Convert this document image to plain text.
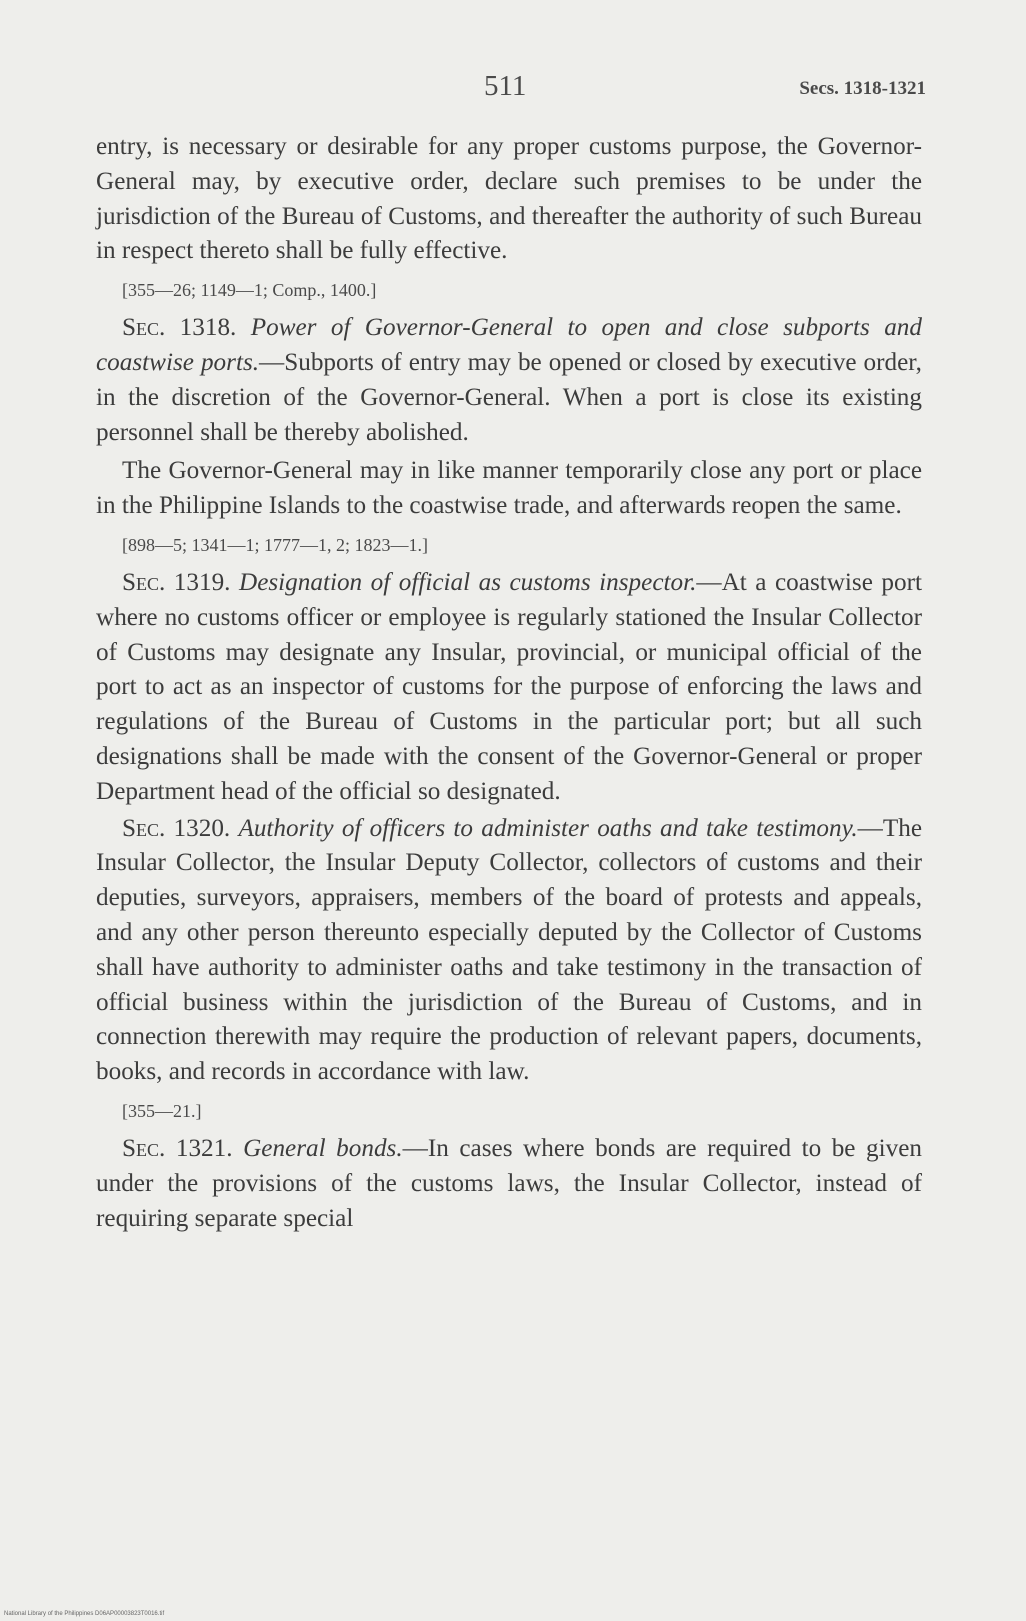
511	Secs. 1318-1321

entry, is necessary or desirable for any proper customs purpose, the Governor-General may, by executive order, declare such premises to be under the jurisdiction of the Bureau of Customs, and thereafter the authority of such Bureau in respect thereto shall be fully effective.

[355—26; 1149—1; Comp., 1400.]

Sec. 1318. Power of Governor-General to open and close subports and coastwise ports.—Subports of entry may be opened or closed by executive order, in the discretion of the Governor-General. When a port is close its existing personnel shall be thereby abolished.

The Governor-General may in like manner temporarily close any port or place in the Philippine Islands to the coastwise trade, and afterwards reopen the same.

[898—5; 1341—1; 1777—1, 2; 1823—1.]

Sec. 1319. Designation of official as customs inspector.—At a coastwise port where no customs officer or employee is regularly stationed the Insular Collector of Customs may designate any Insular, provincial, or municipal official of the port to act as an inspector of customs for the purpose of enforcing the laws and regulations of the Bureau of Customs in the particular port; but all such designations shall be made with the consent of the Governor-General or proper Department head of the official so designated.

Sec. 1320. Authority of officers to administer oaths and take testimony.—The Insular Collector, the Insular Deputy Collector, collectors of customs and their deputies, surveyors, appraisers, members of the board of protests and appeals, and any other person thereunto especially deputed by the Collector of Customs shall have authority to administer oaths and take testimony in the transaction of official business within the jurisdiction of the Bureau of Customs, and in connection therewith may require the production of relevant papers, documents, books, and records in accordance with law.

[355—21.]

Sec. 1321. General bonds.—In cases where bonds are required to be given under the provisions of the customs laws, the Insular Collector, instead of requiring separate special

National Library of the Philippines D06AP00003823T0016.tif
